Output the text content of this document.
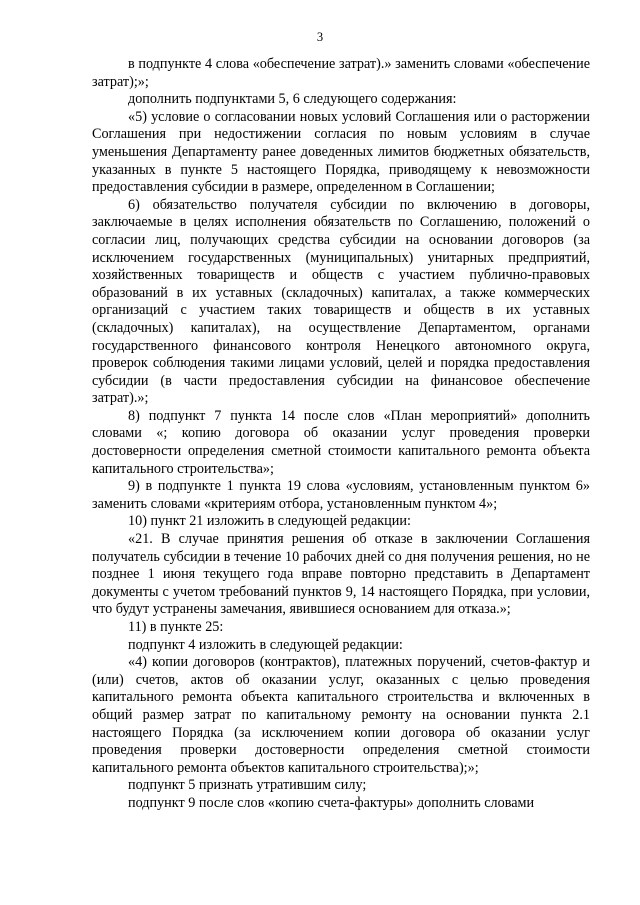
3

в подпункте 4 слова «обеспечение затрат).» заменить словами «обеспечение затрат);»;

дополнить подпунктами 5, 6 следующего содержания:

«5) условие о согласовании новых условий Соглашения или о расторжении Соглашения при недостижении согласия по новым условиям в случае уменьшения Департаменту ранее доведенных лимитов бюджетных обязательств, указанных в пункте 5 настоящего Порядка, приводящему к невозможности предоставления субсидии в размере, определенном в Соглашении;

6) обязательство получателя субсидии по включению в договоры, заключаемые в целях исполнения обязательств по Соглашению, положений о согласии лиц, получающих средства субсидии на основании договоров (за исключением государственных (муниципальных) унитарных предприятий, хозяйственных товариществ и обществ с участием публично-правовых образований в их уставных (складочных) капиталах, а также коммерческих организаций с участием таких товариществ и обществ в их уставных (складочных) капиталах), на осуществление Департаментом, органами государственного финансового контроля Ненецкого автономного округа, проверок соблюдения такими лицами условий, целей и порядка предоставления субсидии (в части предоставления субсидии на финансовое обеспечение затрат).»;

8) подпункт 7 пункта 14 после слов «План мероприятий» дополнить словами «; копию договора об оказании услуг проведения проверки достоверности определения сметной стоимости капитального ремонта объекта капитального строительства»;

9) в подпункте 1 пункта 19 слова «условиям, установленным пунктом 6» заменить словами «критериям отбора, установленным пунктом 4»;

10) пункт 21 изложить в следующей редакции:

«21. В случае принятия решения об отказе в заключении Соглашения получатель субсидии в течение 10 рабочих дней со дня получения решения, но не позднее 1 июня текущего года вправе повторно представить в Департамент документы с учетом требований пунктов 9, 14 настоящего Порядка, при условии, что будут устранены замечания, явившиеся основанием для отказа.»;

11) в пункте 25:

подпункт 4 изложить в следующей редакции:

«4) копии договоров (контрактов), платежных поручений, счетов-фактур и (или) счетов, актов об оказании услуг, оказанных с целью проведения капитального ремонта объекта капитального строительства и включенных в общий размер затрат по капитальному ремонту на основании пункта 2.1 настоящего Порядка (за исключением копии договора об оказании услуг проведения проверки достоверности определения сметной стоимости капитального ремонта объектов капитального строительства);»;

подпункт 5 признать утратившим силу;

подпункт 9 после слов «копию счета-фактуры» дополнить словами
